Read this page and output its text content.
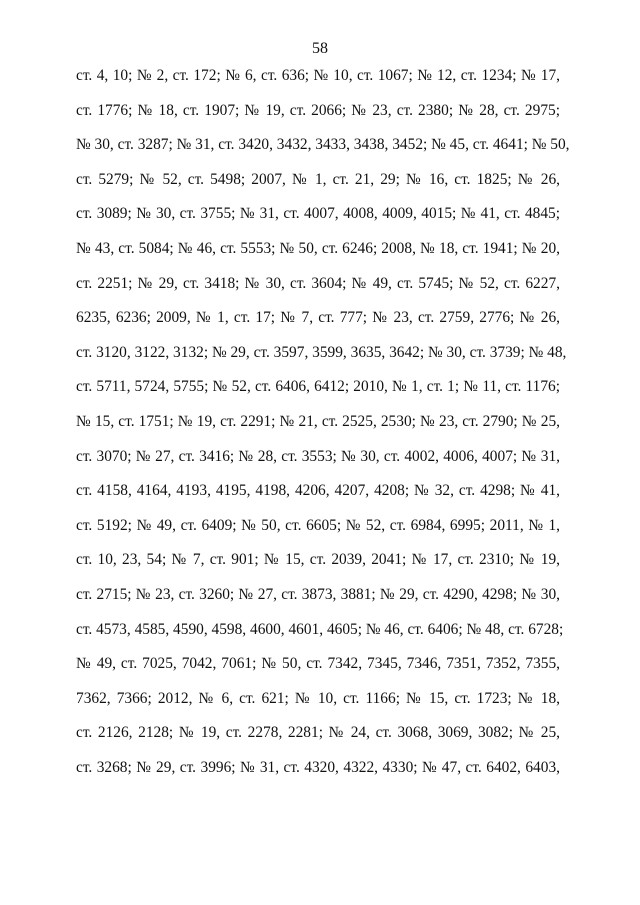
58
ст. 4, 10; № 2, ст. 172; № 6, ст. 636; № 10, ст. 1067; № 12, ст. 1234; № 17,
ст. 1776; № 18, ст. 1907; № 19, ст. 2066; № 23, ст. 2380; № 28, ст. 2975;
№ 30, ст. 3287; № 31, ст. 3420, 3432, 3433, 3438, 3452; № 45, ст. 4641; № 50,
ст. 5279; № 52, ст. 5498; 2007, № 1, ст. 21, 29; № 16, ст. 1825; № 26,
ст. 3089; № 30, ст. 3755; № 31, ст. 4007, 4008, 4009, 4015; № 41, ст. 4845;
№ 43, ст. 5084; № 46, ст. 5553; № 50, ст. 6246; 2008, № 18, ст. 1941; № 20,
ст. 2251; № 29, ст. 3418; № 30, ст. 3604; № 49, ст. 5745; № 52, ст. 6227,
6235, 6236; 2009, № 1, ст. 17; № 7, ст. 777; № 23, ст. 2759, 2776; № 26,
ст. 3120, 3122, 3132; № 29, ст. 3597, 3599, 3635, 3642; № 30, ст. 3739; № 48,
ст. 5711, 5724, 5755; № 52, ст. 6406, 6412; 2010, № 1, ст. 1; № 11, ст. 1176;
№ 15, ст. 1751; № 19, ст. 2291; № 21, ст. 2525, 2530; № 23, ст. 2790; № 25,
ст. 3070; № 27, ст. 3416; № 28, ст. 3553; № 30, ст. 4002, 4006, 4007; № 31,
ст. 4158, 4164, 4193, 4195, 4198, 4206, 4207, 4208; № 32, ст. 4298; № 41,
ст. 5192; № 49, ст. 6409; № 50, ст. 6605; № 52, ст. 6984, 6995; 2011, № 1,
ст. 10, 23, 54; № 7, ст. 901; № 15, ст. 2039, 2041; № 17, ст. 2310; № 19,
ст. 2715; № 23, ст. 3260; № 27, ст. 3873, 3881; № 29, ст. 4290, 4298; № 30,
ст. 4573, 4585, 4590, 4598, 4600, 4601, 4605; № 46, ст. 6406; № 48, ст. 6728;
№ 49, ст. 7025, 7042, 7061; № 50, ст. 7342, 7345, 7346, 7351, 7352, 7355,
7362, 7366; 2012, № 6, ст. 621; № 10, ст. 1166; № 15, ст. 1723; № 18,
ст. 2126, 2128; № 19, ст. 2278, 2281; № 24, ст. 3068, 3069, 3082; № 25,
ст. 3268; № 29, ст. 3996; № 31, ст. 4320, 4322, 4330; № 47, ст. 6402, 6403,
